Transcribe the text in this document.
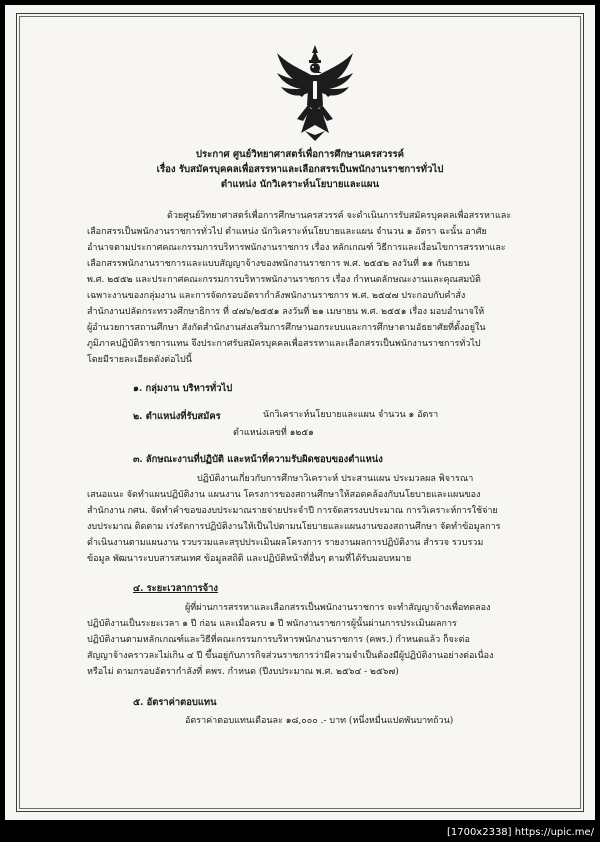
ประกาศ ศูนย์วิทยาศาสตร์เพื่อการศึกษานครสวรรค์
เรื่อง รับสมัครบุคคลเพื่อสรรหาและเลือกสรรเป็นพนักงานราชการทั่วไป
ตำแหน่ง นักวิเคราะห์นโยบายและแผน
ด้วยศูนย์วิทยาศาสตร์เพื่อการศึกษานครสวรรค์ จะดำเนินการรับสมัครบุคคลเพื่อสรรหาและ
เลือกสรรเป็นพนักงานราชการทั่วไป ตำแหน่ง นักวิเคราะห์นโยบายและแผน จำนวน ๑ อัตรา ฉะนั้น อาศัย
อำนาจตามประกาศคณะกรรมการบริหารพนักงานราชการ เรื่อง หลักเกณฑ์ วิธีการและเงื่อนไขการสรรหาและ
เลือกสรรพนักงานราชการและแบบสัญญาจ้างของพนักงานราชการ พ.ศ. ๒๕๕๒ ลงวันที่ ๑๑ กันยายน
พ.ศ. ๒๕๕๒ และประกาศคณะกรรมการบริหารพนักงานราชการ เรื่อง กำหนดลักษณะงานและคุณสมบัติ
เฉพาะงานของกลุ่มงาน และการจัดกรอบอัตรากำลังพนักงานราชการ พ.ศ. ๒๕๔๗ ประกอบกับคำสั่ง
สำนักงานปลัดกระทรวงศึกษาธิการ ที่ ๔๗๖/๒๕๕๑ ลงวันที่ ๒๑ เมษายน พ.ศ. ๒๕๕๑ เรื่อง มอบอำนาจให้
ผู้อำนวยการสถานศึกษา สังกัดสำนักงานส่งเสริมการศึกษานอกระบบและการศึกษาตามอัธยาศัยที่ตั้งอยู่ใน
ภูมิภาคปฏิบัติราชการแทน จึงประกาศรับสมัครบุคคลเพื่อสรรหาและเลือกสรรเป็นพนักงานราชการทั่วไป
โดยมีรายละเอียดดังต่อไปนี้
๑. กลุ่มงาน บริหารทั่วไป
๒. ตำแหน่งที่รับสมัคร	นักวิเคราะห์นโยบายและแผน จำนวน ๑ อัตรา
ตำแหน่งเลขที่ ๑๒๕๑
๓. ลักษณะงานที่ปฏิบัติ และหน้าที่ความรับผิดชอบของตำแหน่ง
ปฏิบัติงานเกี่ยวกับการศึกษาวิเคราะห์ ประสานแผน ประมวลผล พิจารณา
เสนอแนะ จัดทำแผนปฏิบัติงาน แผนงาน โครงการของสถานศึกษาให้สอดคล้องกับนโยบายและแผนของ
สำนักงาน กศน. จัดทำคำขอของบประมาณรายจ่ายประจำปี การจัดสรรงบประมาณ การวิเคราะห์การใช้จ่าย
งบประมาณ ติดตาม เร่งรัดการปฏิบัติงานให้เป็นไปตามนโยบายและแผนงานของสถานศึกษา จัดทำข้อมูลการ
ดำเนินงานตามแผนงาน รวบรวมและสรุปประเมินผลโครงการ รายงานผลการปฏิบัติงาน สำรวจ รวบรวม
ข้อมูล พัฒนาระบบสารสนเทศ ข้อมูลสถิติ และปฏิบัติหน้าที่อื่นๆ ตามที่ได้รับมอบหมาย
๔. ระยะเวลาการจ้าง
ผู้ที่ผ่านการสรรหาและเลือกสรรเป็นพนักงานราชการ จะทำสัญญาจ้างเพื่อทดลอง
ปฏิบัติงานเป็นระยะเวลา ๑ ปี ก่อน และเมื่อครบ ๑ ปี พนักงานราชการผู้นั้นผ่านการประเมินผลการ
ปฏิบัติงานตามหลักเกณฑ์และวิธีที่คณะกรรมการบริหารพนักงานราชการ (คพร.) กำหนดแล้ว ก็จะต่อ
สัญญาจ้างคราวละไม่เกิน ๔ ปี ขึ้นอยู่กับภารกิจส่วนราชการว่ามีความจำเป็นต้องมีผู้ปฏิบัติงานอย่างต่อเนื่อง
หรือไม่ ตามกรอบอัตรากำลังที่ คพร. กำหนด (ปีงบประมาณ พ.ศ. ๒๕๖๔ - ๒๕๖๗)
๕. อัตราค่าตอบแทน
อัตราค่าตอบแทนเดือนละ ๑๘,๐๐๐ .- บาท (หนึ่งหมื่นแปดพันบาทถ้วน)
[1700x2338] https://upic.me/
